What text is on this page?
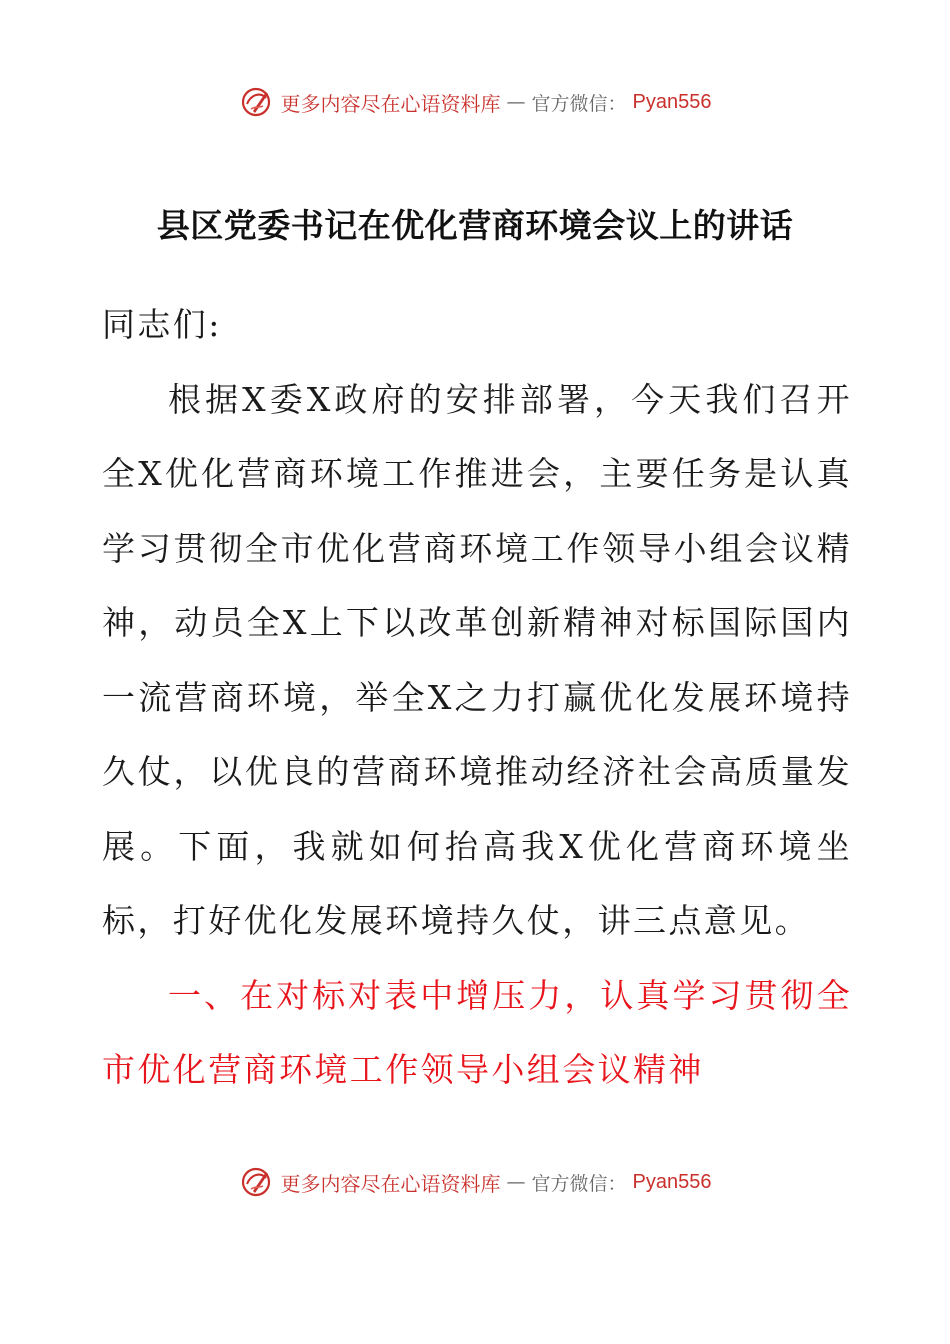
更多内容尽在心语资料库 — 官方微信： Pyan556
县区党委书记在优化营商环境会议上的讲话

同志们:

根据X委X政府的安排部署，今天我们召开全X优化营商环境工作推进会，主要任务是认真学习贯彻全市优化营商环境工作领导小组会议精神，动员全X上下以改革创新精神对标国际国内一流营商环境，举全X之力打赢优化发展环境持久仗，以优良的营商环境推动经济社会高质量发展。下面，我就如何抬高我X优化营商环境坐标，打好优化发展环境持久仗，讲三点意见。

一、在对标对表中增压力，认真学习贯彻全市优化营商环境工作领导小组会议精神

更多内容尽在心语资料库 — 官方微信： Pyan556
